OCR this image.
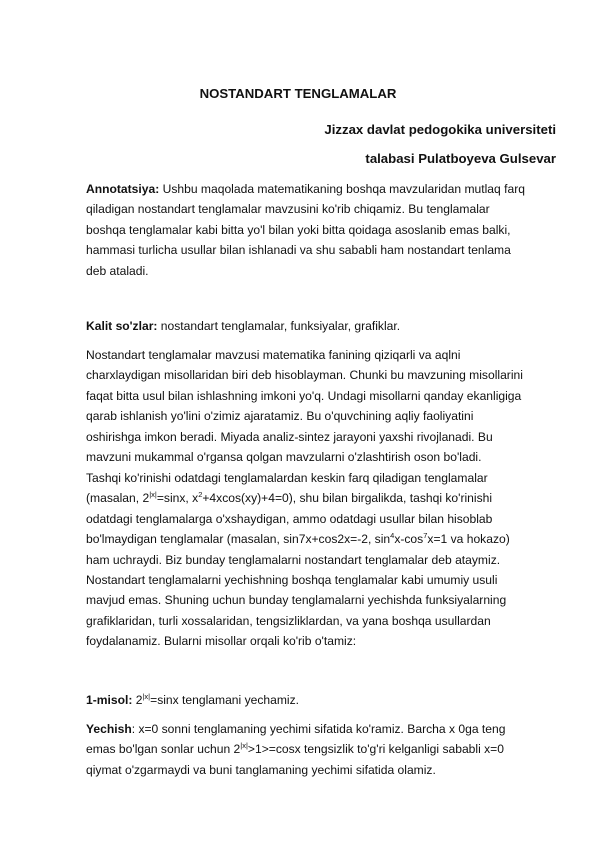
NOSTANDART TENGLAMALAR
Jizzax davlat pedogokika universiteti
talabasi Pulatboyeva Gulsevar
Annotatsiya: Ushbu maqolada matematikaning boshqa mavzularidan mutlaq farq
qiladigan nostandart tenglamalar mavzusini ko'rib chiqamiz. Bu tenglamalar
boshqa tenglamalar kabi bitta yo'l bilan yoki bitta qoidaga asoslanib emas balki,
hammasi turlicha usullar bilan ishlanadi va shu sababli ham nostandart tenlama
deb ataladi.
Kalit so'zlar: nostandart tenglamalar, funksiyalar, grafiklar.
Nostandart tenglamalar mavzusi matematika fanining qiziqarli va aqlni
charxlaydigan misollaridan biri deb hisoblayman. Chunki bu mavzuning misollarini
faqat bitta usul bilan ishlashning imkoni yo'q. Undagi misollarni qanday ekanligiga
qarab ishlanish yo'lini o'zimiz ajaratamiz. Bu o'quvchining aqliy faoliyatini
oshirishga imkon beradi. Miyada analiz-sintez jarayoni yaxshi rivojlanadi. Bu
mavzuni mukammal o'rgansa qolgan mavzularni o'zlashtirish oson bo'ladi.
Tashqi ko'rinishi odatdagi tenglamalardan keskin farq qiladigan tenglamalar
(masalan, $2^{|x|}=\sin x$, $x^2+4xcos(xy)+4=0$), shu bilan birgalikda, tashqi ko'rinishi
odatdagi tenglamalarga o'xshaydigan, ammo odatdagi usullar bilan hisoblab
bo'lmaydigan tenglamalar (masalan, sin7x+cos2x=-2, $\sin^4x-\cos^7x=1$ va hokazo)
ham uchraydi. Biz bunday tenglamalarni nostandart tenglamalar deb ataymiz.
Nostandart tenglamalarni yechishning boshqa tenglamalar kabi umumiy usuli
mavjud emas. Shuning uchun bunday tenglamalarni yechishda funksiyalarning
grafiklaridan, turli xossalaridan, tengsizliklardan, va yana boshqa usullardan
foydalanamiz. Bularni misollar orqali ko'rib o'tamiz:
1-misol: $2^{|x|}=\sin x$ tenglamani yechamiz.
Yechish: x=0 sonni tenglamaning yechimi sifatida ko'ramiz. Barcha x 0ga teng
emas bo'lgan sonlar uchun $2^{|x|}>1>=\cos x$ tengsizlik to'g'ri kelganligi sababli x=0
qiymat o'zgarmaydi va buni tanglamaning yechimi sifatida olamiz.
